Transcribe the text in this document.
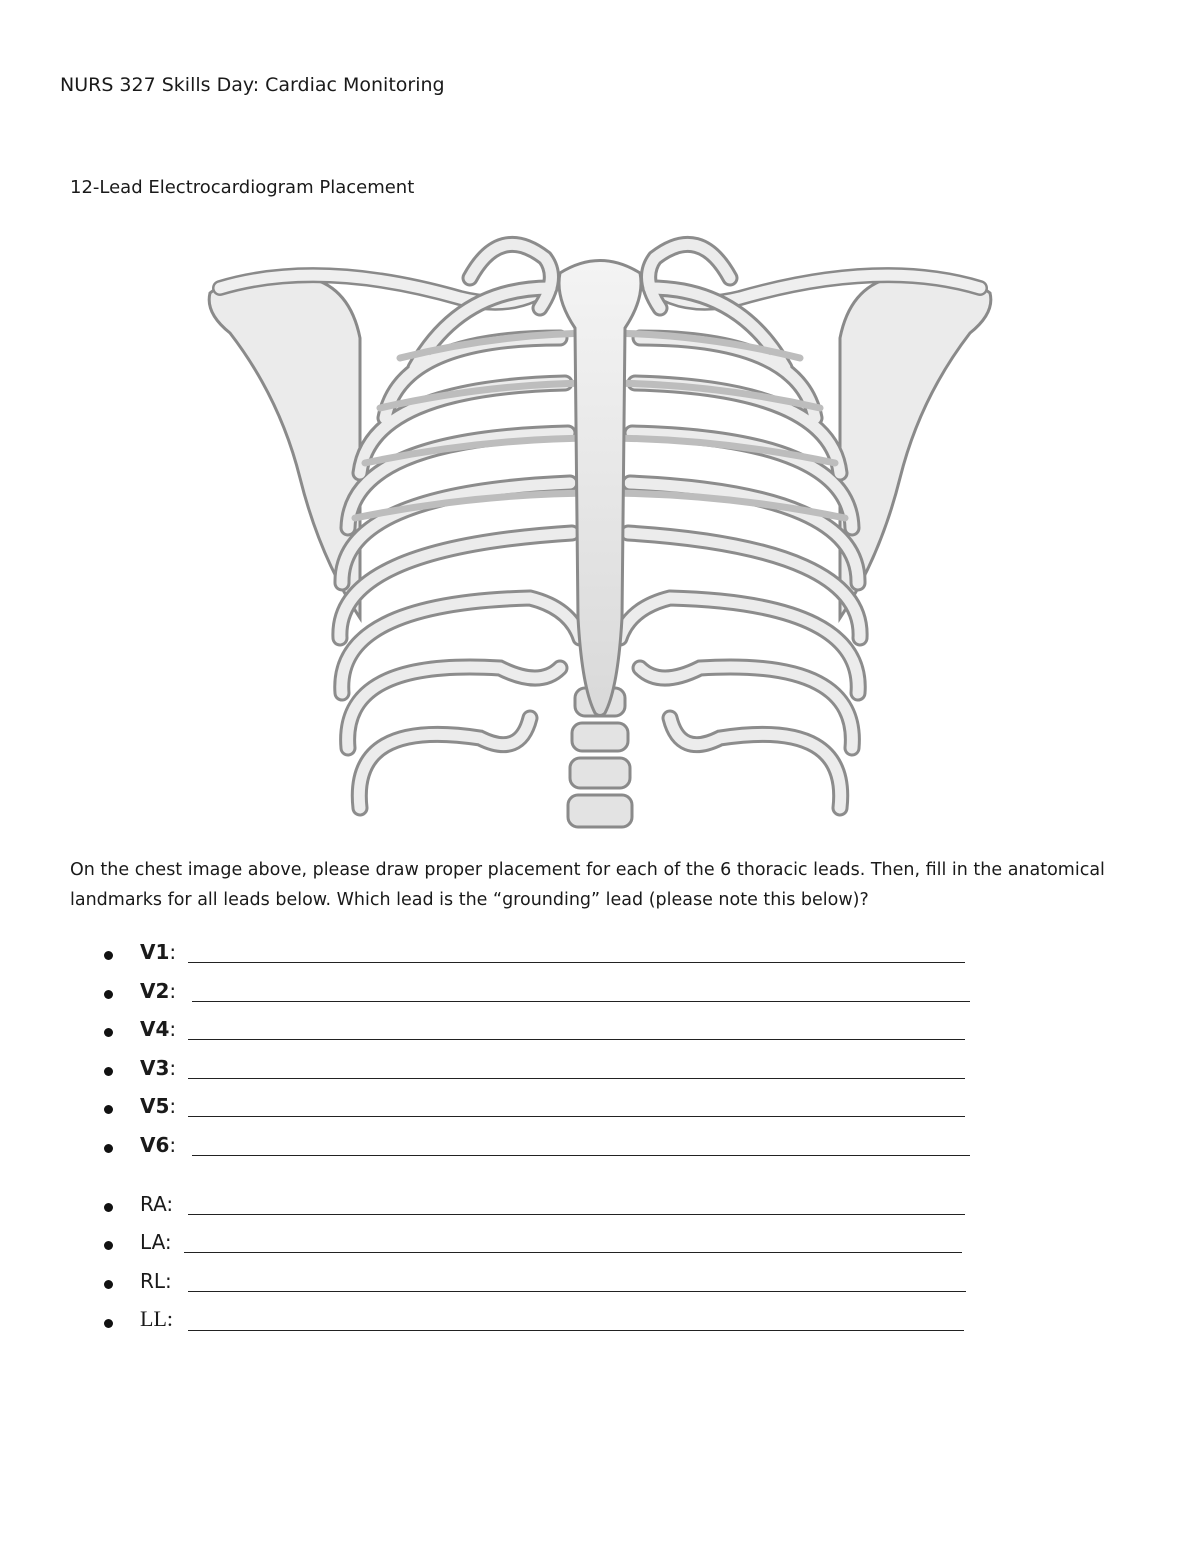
NURS 327 Skills Day: Cardiac Monitoring
12-Lead Electrocardiogram Placement
On the chest image above, please draw proper placement for each of the 6 thoracic leads. Then, fill in the anatomical landmarks for all leads below. Which lead is the “grounding” lead (please note this below)?
V1:
V2:
V4:
V3:
V5:
V6:
RA:
LA:
RL:
LL:
